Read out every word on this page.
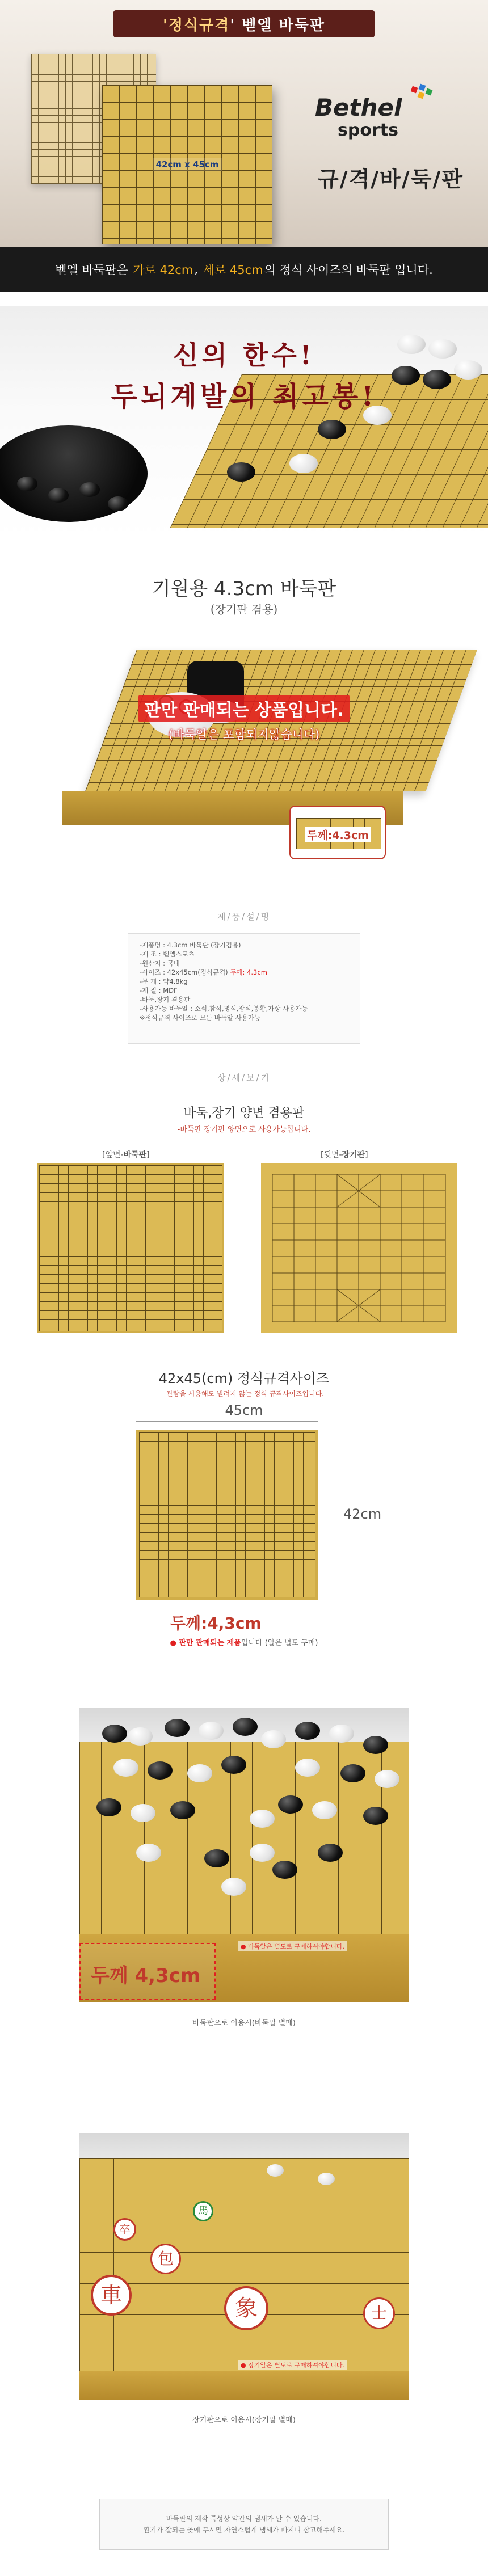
42cm x 45cm
'정식규격' 벧엘 바둑판
Bethel
sports
규/격/바/둑/판
벧엘 바둑판은
가로 42cm ,
세로 45cm 의 정식 사이즈의 바둑판 입니다.
신의 한수!
두뇌계발의 최고봉!
기원용 4.3cm 바둑판
(장기판 겸용)
판만 판매되는 상품입니다.
(바둑알은 포함되지않습니다)
두께:4.3cm
제/품/설/명
-제품명 : 4.3cm 바둑판 (장기겸용)
-제 조 : 벧엘스포츠
-원산지 : 국내
-사이즈 : 42x45cm(정식규격) 두께: 4.3cm
-무 게 : 약4.8kg
-재 질 : MDF
-바둑,장기 겸용판
-사용가능 바둑알 : 소석,참석,명석,장석,봉황,가상 사용가능
※정식규격 사이즈로 모든 바둑알 사용가능
상/세/보/기
바둑,장기 양면 겸용판
-바둑판 장기판 양면으로 사용가능합니다.
[앞면-바둑판]	[뒷면-장기판]
42x45(cm) 정식규격사이즈
-관람을 시용해도 빌려지 않는 정식 규격사이즈입니다.
45cm
42cm
두께:4,3cm
● 판만 판매되는 제품입니다 (알은 별도 구매)
두께 4,3cm
● 바둑알은 별도로 구매하셔야합니다.
바둑판으로 이용시(바둑알 별매)
車	象
包
卒
馬
士
● 장기알은 별도로 구매하셔야합니다.
장기판으로 이용시(장기알 별매)
바둑판의 제작 특성상 약간의 냄새가 날 수 있습니다.
환기가 잘되는 곳에 두시면 자연스럽게 냄새가 빠지니 참고해주세요.
